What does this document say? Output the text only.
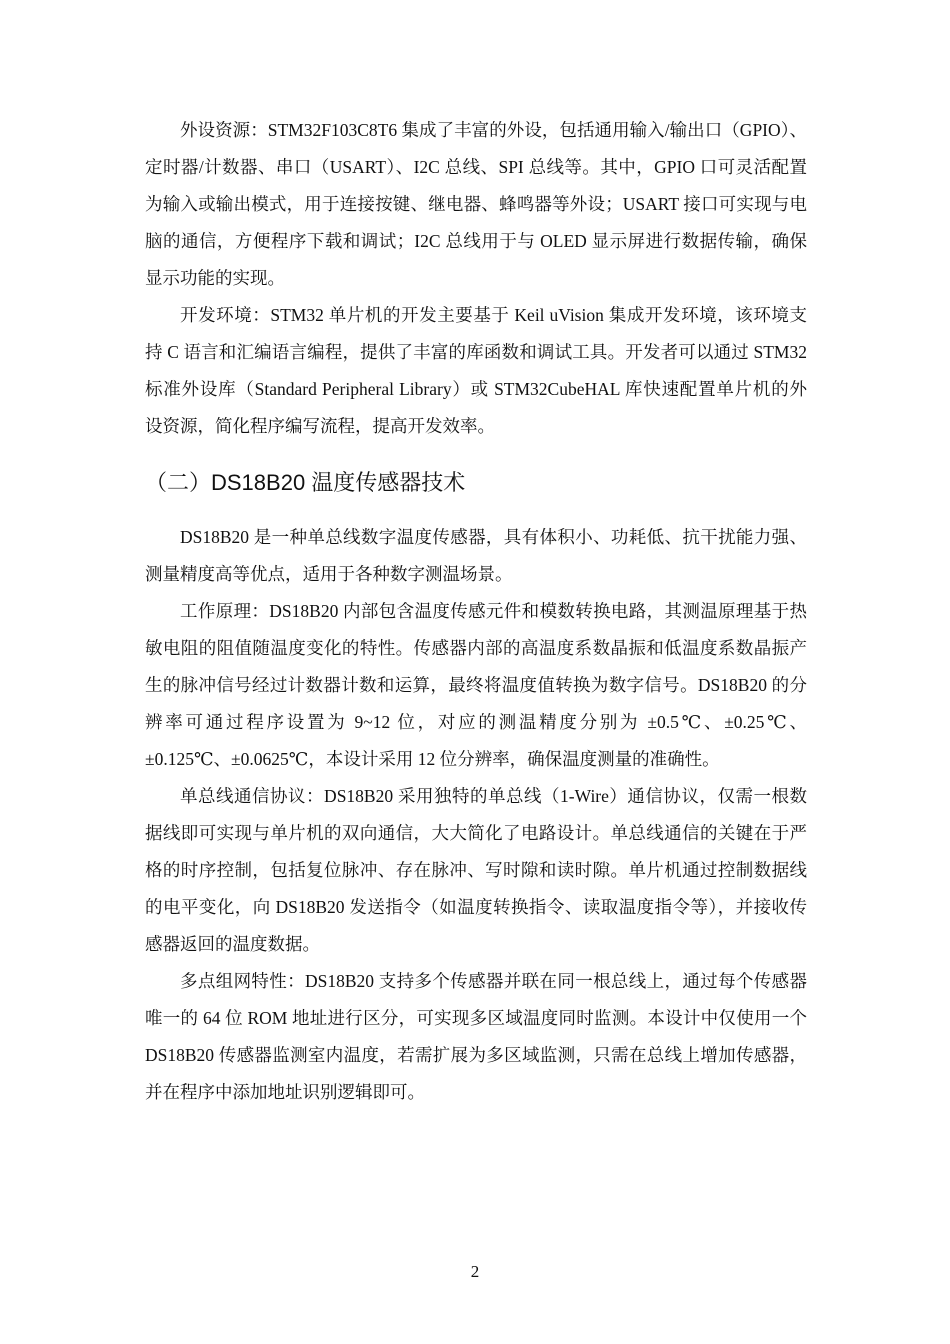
外设资源：STM32F103C8T6 集成了丰富的外设，包括通用输入/输出口（GPIO）、定时器/计数器、串口（USART）、I2C 总线、SPI 总线等。其中，GPIO 口可灵活配置为输入或输出模式，用于连接按键、继电器、蜂鸣器等外设；USART 接口可实现与电脑的通信，方便程序下载和调试；I2C 总线用于与 OLED 显示屏进行数据传输，确保显示功能的实现。

开发环境：STM32 单片机的开发主要基于 Keil uVision 集成开发环境，该环境支持 C 语言和汇编语言编程，提供了丰富的库函数和调试工具。开发者可以通过 STM32 标准外设库（Standard Peripheral Library）或 STM32CubeHAL 库快速配置单片机的外设资源，简化程序编写流程，提高开发效率。

（二）DS18B20 温度传感器技术

DS18B20 是一种单总线数字温度传感器，具有体积小、功耗低、抗干扰能力强、测量精度高等优点，适用于各种数字测温场景。

工作原理：DS18B20 内部包含温度传感元件和模数转换电路，其测温原理基于热敏电阻的阻值随温度变化的特性。传感器内部的高温度系数晶振和低温度系数晶振产生的脉冲信号经过计数器计数和运算，最终将温度值转换为数字信号。DS18B20 的分辨率可通过程序设置为 9~12 位，对应的测温精度分别为 ±0.5℃、±0.25℃、±0.125℃、±0.0625℃，本设计采用 12 位分辨率，确保温度测量的准确性。

单总线通信协议：DS18B20 采用独特的单总线（1-Wire）通信协议，仅需一根数据线即可实现与单片机的双向通信，大大简化了电路设计。单总线通信的关键在于严格的时序控制，包括复位脉冲、存在脉冲、写时隙和读时隙。单片机通过控制数据线的电平变化，向 DS18B20 发送指令（如温度转换指令、读取温度指令等），并接收传感器返回的温度数据。

多点组网特性：DS18B20 支持多个传感器并联在同一根总线上，通过每个传感器唯一的 64 位 ROM 地址进行区分，可实现多区域温度同时监测。本设计中仅使用一个 DS18B20 传感器监测室内温度，若需扩展为多区域监测，只需在总线上增加传感器，并在程序中添加地址识别逻辑即可。

2
